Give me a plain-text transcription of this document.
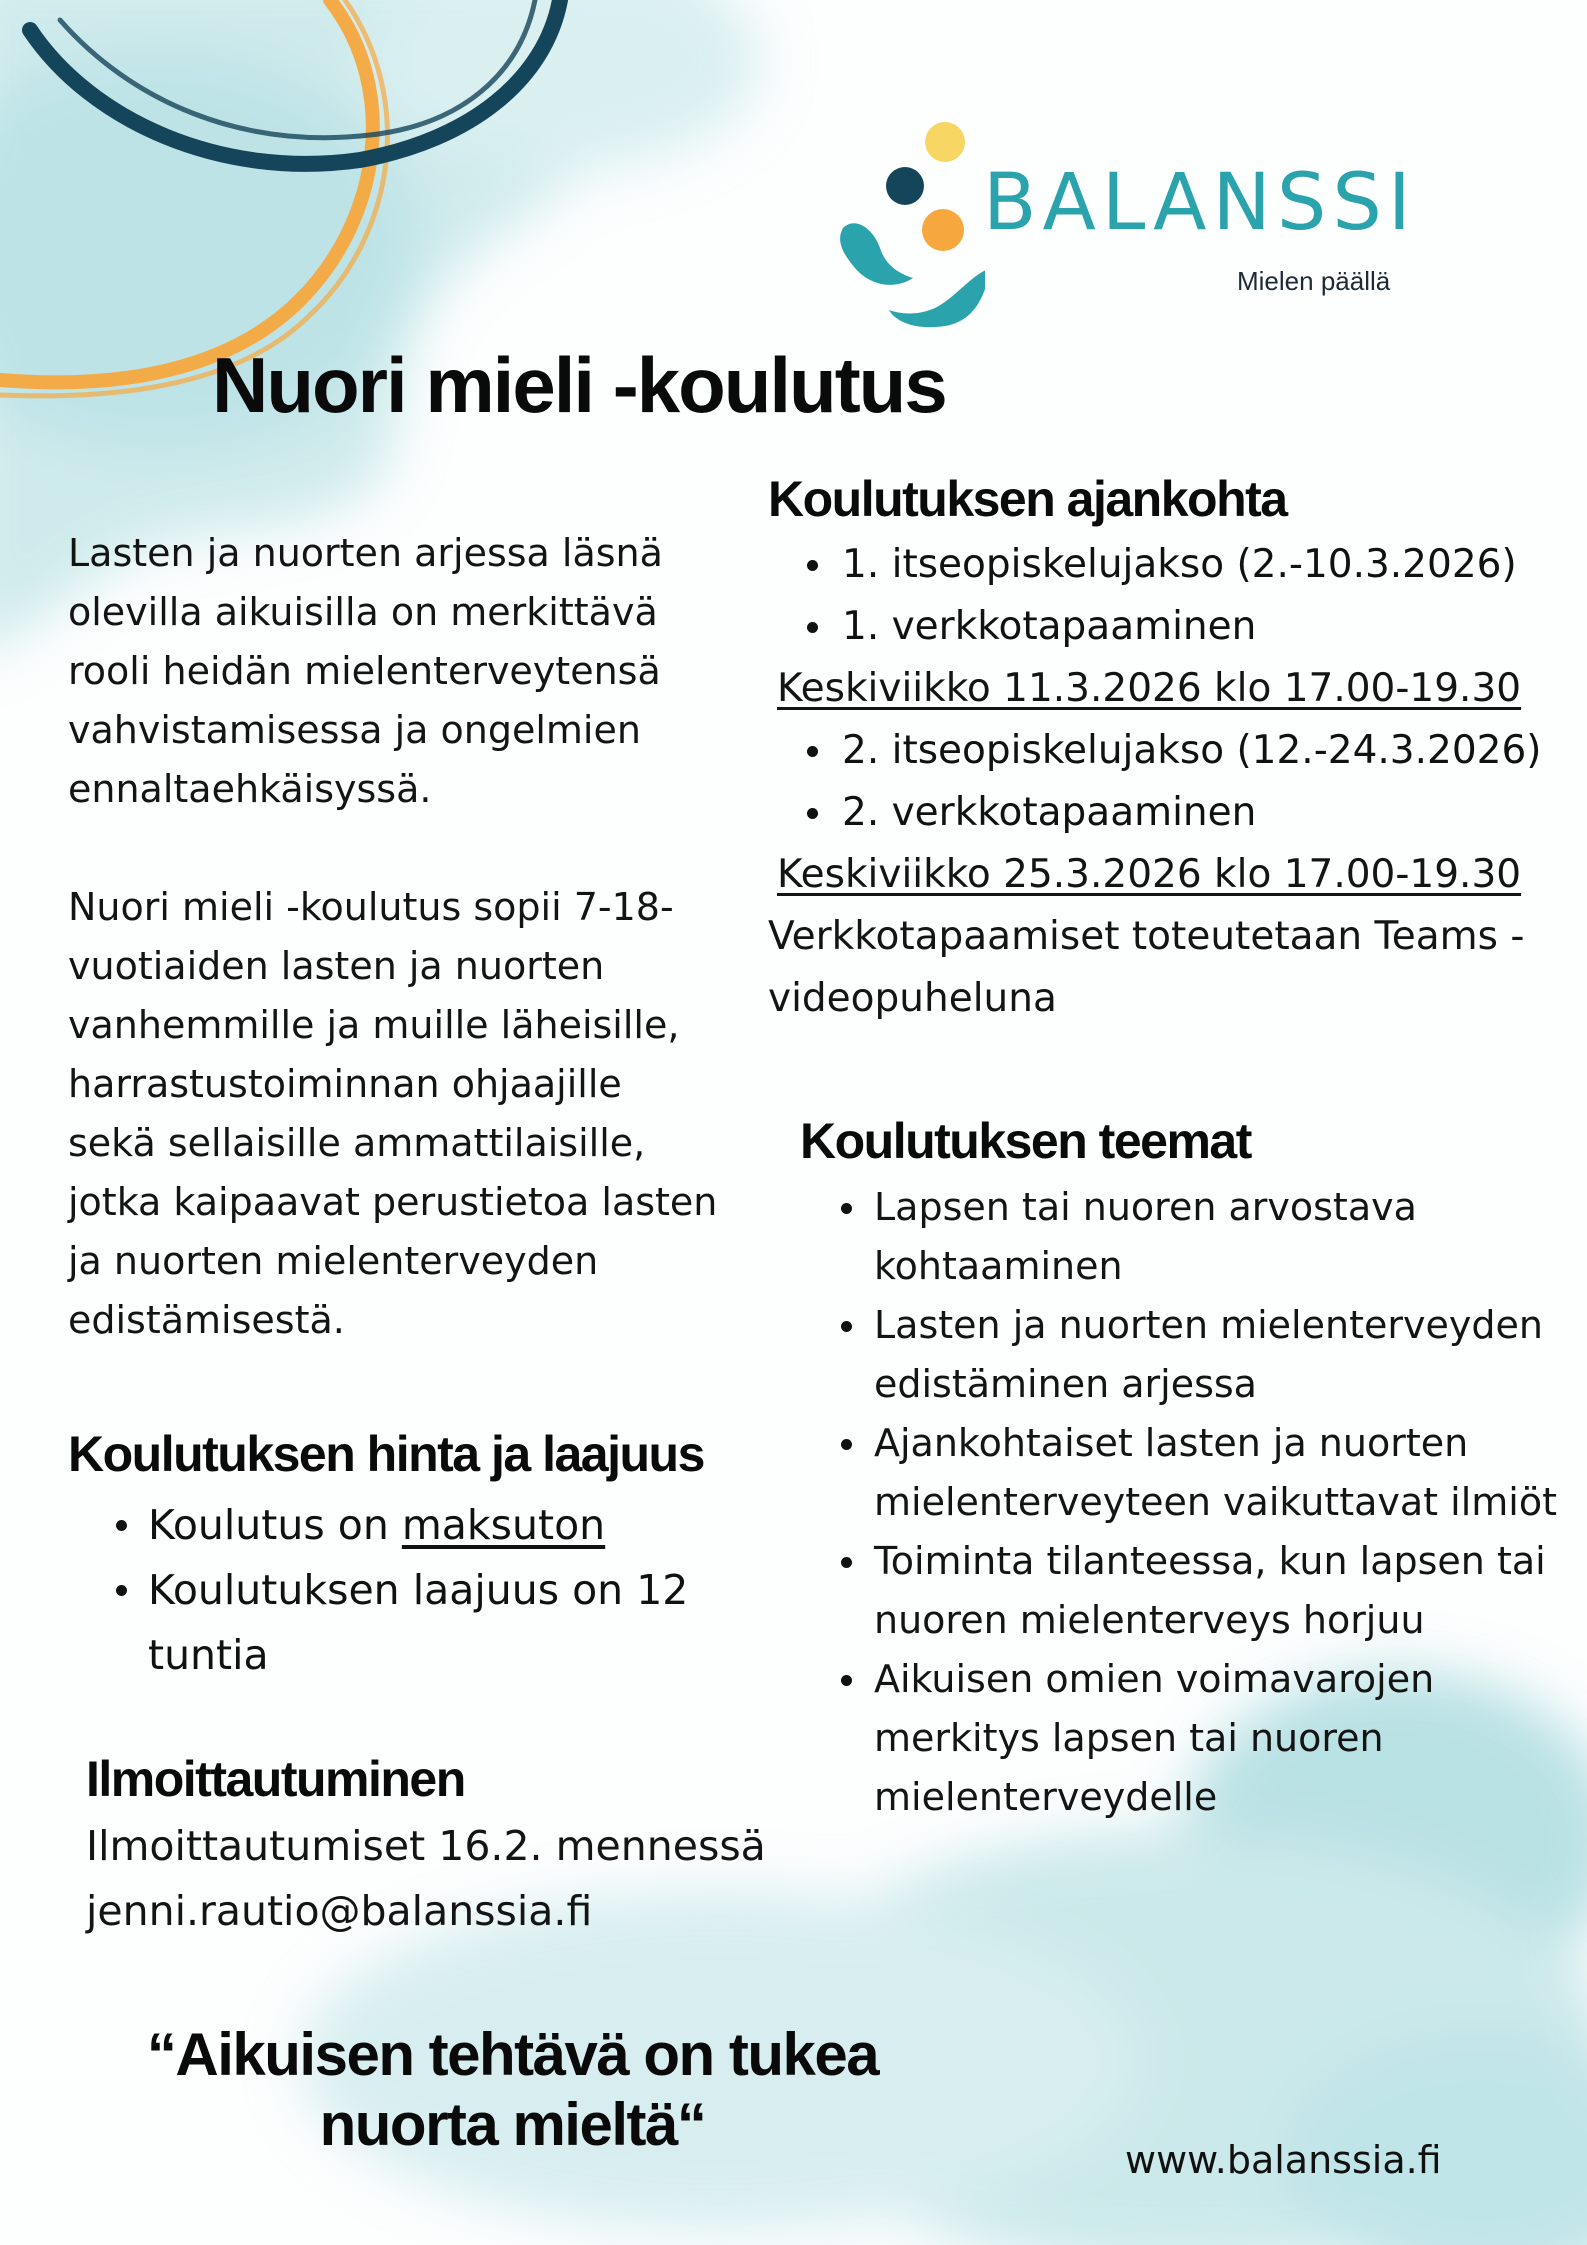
BALANSSI
Mielen päällä
Nuori mieli -koulutus

Lasten ja nuorten arjessa läsnä olevilla aikuisilla on merkittävä rooli heidän mielenterveytensä vahvistamisessa ja ongelmien ennaltaehkäisyssä.

Nuori mieli -koulutus sopii 7-18-vuotiaiden lasten ja nuorten vanhemmille ja muille läheisille, harrastustoiminnan ohjaajille sekä sellaisille ammattilaisille, jotka kaipaavat perustietoa lasten ja nuorten mielenterveyden edistämisestä.

Koulutuksen hinta ja laajuus
Koulutus on maksuton
Koulutuksen laajuus on 12 tuntia
Ilmoittautuminen

Ilmoittautumiset 16.2. mennessä

jenni.rautio@balanssia.fi

Koulutuksen ajankohta
1. itseopiskelujakso (2.-10.3.2026)
1. verkkotapaaminen

Keskiviikko 11.3.2026 klo 17.00-19.30

2. itseopiskelujakso (12.-24.3.2026)
2. verkkotapaaminen

Keskiviikko 25.3.2026 klo 17.00-19.30

Verkkotapaamiset toteutetaan Teams -videopuheluna

Koulutuksen teemat
Lapsen tai nuoren arvostava kohtaaminen
Lasten ja nuorten mielenterveyden edistäminen arjessa
Ajankohtaiset lasten ja nuorten mielenterveyteen vaikuttavat ilmiöt
Toiminta tilanteessa, kun lapsen tai nuoren mielenterveys horjuu
Aikuisen omien voimavarojen merkitys lapsen tai nuoren mielenterveydelle
“Aikuisen tehtävä on tukea
nuorta mieltä“
www.balanssia.fi
